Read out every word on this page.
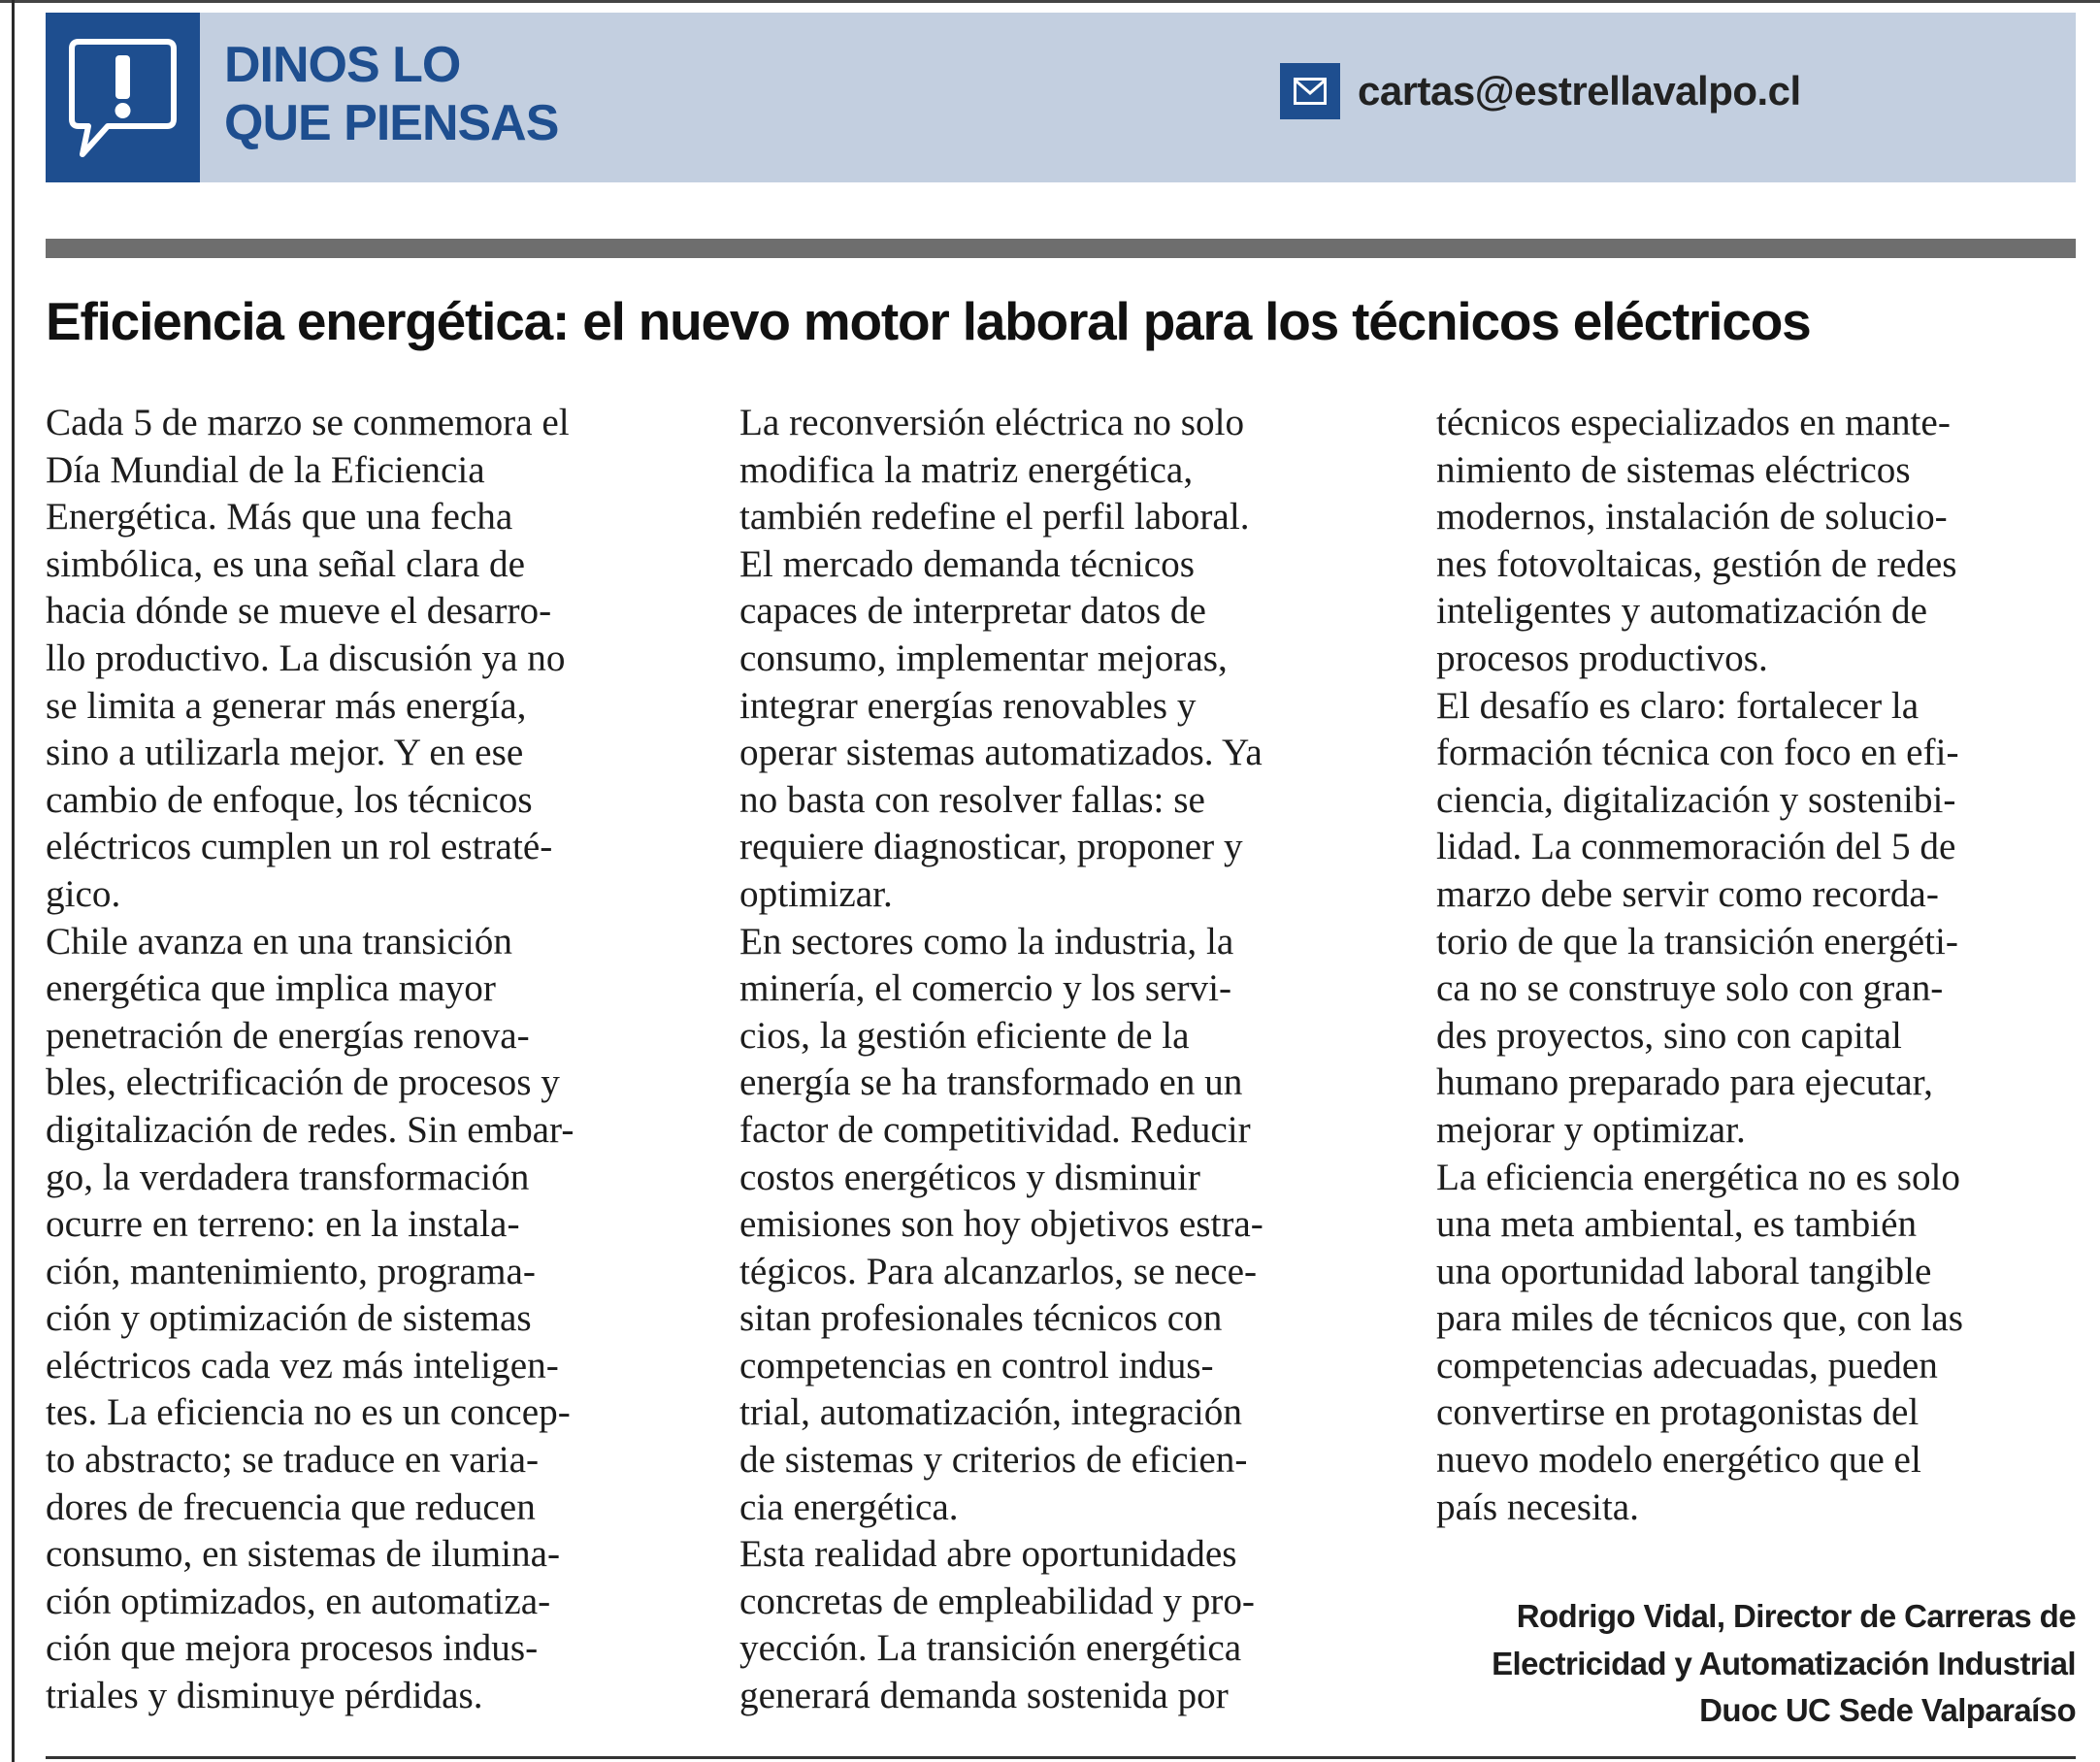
DINOS LO
QUE PIENSAS
cartas@estrellavalpo.cl
Eficiencia energética: el nuevo motor laboral para los técnicos eléctricos
Cada 5 de marzo se conmemora el
Día Mundial de la Eficiencia
Energética. Más que una fecha
simbólica, es una señal clara de
hacia dónde se mueve el desarro-
llo productivo. La discusión ya no
se limita a generar más energía,
sino a utilizarla mejor. Y en ese
cambio de enfoque, los técnicos
eléctricos cumplen un rol estraté-
gico.
Chile avanza en una transición
energética que implica mayor
penetración de energías renova-
bles, electrificación de procesos y
digitalización de redes. Sin embar-
go, la verdadera transformación
ocurre en terreno: en la instala-
ción, mantenimiento, programa-
ción y optimización de sistemas
eléctricos cada vez más inteligen-
tes. La eficiencia no es un concep-
to abstracto; se traduce en varia-
dores de frecuencia que reducen
consumo, en sistemas de ilumina-
ción optimizados, en automatiza-
ción que mejora procesos indus-
triales y disminuye pérdidas.
La reconversión eléctrica no solo
modifica la matriz energética,
también redefine el perfil laboral.
El mercado demanda técnicos
capaces de interpretar datos de
consumo, implementar mejoras,
integrar energías renovables y
operar sistemas automatizados. Ya
no basta con resolver fallas: se
requiere diagnosticar, proponer y
optimizar.
En sectores como la industria, la
minería, el comercio y los servi-
cios, la gestión eficiente de la
energía se ha transformado en un
factor de competitividad. Reducir
costos energéticos y disminuir
emisiones son hoy objetivos estra-
tégicos. Para alcanzarlos, se nece-
sitan profesionales técnicos con
competencias en control indus-
trial, automatización, integración
de sistemas y criterios de eficien-
cia energética.
Esta realidad abre oportunidades
concretas de empleabilidad y pro-
yección. La transición energética
generará demanda sostenida por
técnicos especializados en mante-
nimiento de sistemas eléctricos
modernos, instalación de solucio-
nes fotovoltaicas, gestión de redes
inteligentes y automatización de
procesos productivos.
El desafío es claro: fortalecer la
formación técnica con foco en efi-
ciencia, digitalización y sostenibi-
lidad. La conmemoración del 5 de
marzo debe servir como recorda-
torio de que la transición energéti-
ca no se construye solo con gran-
des proyectos, sino con capital
humano preparado para ejecutar,
mejorar y optimizar.
La eficiencia energética no es solo
una meta ambiental, es también
una oportunidad laboral tangible
para miles de técnicos que, con las
competencias adecuadas, pueden
convertirse en protagonistas del
nuevo modelo energético que el
país necesita.
Rodrigo Vidal, Director de Carreras de
Electricidad y Automatización Industrial
Duoc UC Sede Valparaíso
